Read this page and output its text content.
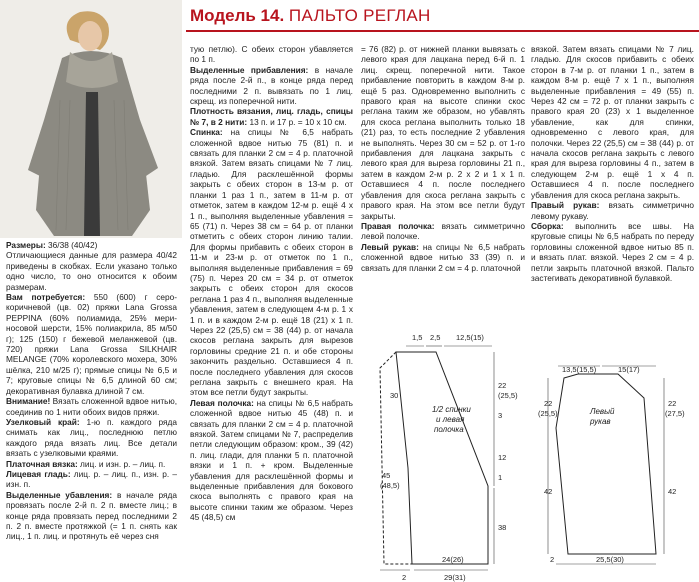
Модель 14. ПАЛЬТО РЕГЛАН

Размеры: 36/38 (40/42)

Отличающиеся данные для размера 40/42 приведены в скобках. Если указано только одно число, то оно относится к обоим размерам.

Вам потребуется: 550 (600) г серо-коричневой (цв. 02) пряжи Lana Grossa PEPPINA (60% полиамида, 25% мериносовой шерсти, 15% полиакрила, 85 м/50 г); 125 (150) г бежевой меланжевой (цв. 720) пряжи Lana Grossa SILKHAIR MELANGE (70% королевского мохера, 30% шёлка, 210 м/25 г); прямые спицы № 6,5 и 7; круговые спицы № 6,5 длиной 60 см; декоративная булавка длиной 7 см.

Внимание! Вязать сложенной вдвое нитью, соединив по 1 нити обоих видов пряжи.

Узелковый край: 1-ю п. каждого ряда снимать как лиц., последнюю петлю каждого ряда вязать лиц. Все детали вязать с узелковыми краями.

Платочная вязка: лиц. и изн. р. – лиц. п.

Лицевая гладь: лиц. р. – лиц. п., изн. р. – изн. п.

Выделенные убавления: в начале ряда провязать после 2-й п. 2 п. вместе лиц.; в конце ряда провязать перед последними 2 п. 2 п. вместе протяжкой (= 1 п. снять как лиц., 1 п. лиц. и протянуть её через сня

тую петлю). С обеих сторон убавляется по 1 п.

Выделенные прибавления: в начале ряда после 2-й п., в конце ряда перед последними 2 п. вывязать по 1 лиц. скрещ. из поперечной нити.

Плотность вязания, лиц. гладь, спицы № 7, в 2 нити: 13 п. и 17 р. = 10 х 10 см.

Спинка: на спицы № 6,5 набрать сложенной вдвое нитью 75 (81) п. и связать для планки 2 см = 4 р. платочной вязкой. Затем вязать спицами № 7 лиц. гладью. Для расклешённой формы закрыть с обеих сторон в 13-м р. от планки 1 раз 1 п., затем в 11-м р. от отметок, затем в каждом 12-м р. ещё 4 х 1 п., выполняя выделенные убавления = 65 (71) п. Через 38 см = 64 р. от планки отметить с обеих сторон линию талии. Для формы прибавить с обеих сторон в 11-м и 23-м р. от отметок по 1 п., выполняя выделенные прибавления = 69 (75) п. Через 20 см = 34 р. от отметок закрыть с обеих сторон для скосов реглана 1 раз 4 п., выполняя выделенные убавления, затем в следующем 4-м р. 1 х 1 п. и в каждом 2-м р. ещё 18 (21) х 1 п. Через 22 (25,5) см = 38 (44) р. от начала скосов реглана закрыть для вырезов горловины средние 21 п. и обе стороны закончить раздельно. Оставшиеся 4 п. после последнего убавления для скосов реглана закрыть с внешнего края. На этом все петли будут закрыты.

Левая полочка: на спицы № 6,5 набрать сложенной вдвое нитью 45 (48) п. и связать для планки 2 см = 4 р. платочной вязкой. Затем спицами № 7, распределив петли следующим образом: кром., 39 (42) п. лиц. глади, для планки 5 п. платочной вязки и 1 п. + кром. Выделенные убавления для расклешённой формы и выделенные прибавления для бокового скоса выполнять с правого края на высоте спинки таким же образом. Через 45 (48,5) см

= 76 (82) р. от нижней планки вывязать с левого края для лацкана перед 6-й п. 1 лиц. скрещ. поперечной нити. Такое прибавление повторить в каждом 8-м р. ещё 5 раз. Одновременно выполнить с правого края на высоте спинки скос реглана таким же образом, но убавлять для скоса реглана выполнить только 18 (21) раз, то есть последние 2 убавления не выполнять. Через 30 см = 52 р. от 1-го прибавления для лацкана закрыть с левого края для выреза горловины 21 п., затем в каждом 2-м р. 2 х 2 и 1 х 1 п. Оставшиеся 4 п. после последнего убавления для скоса реглана закрыть с правого края. На этом все петли будут закрыты.

Правая полочка: вязать симметрично левой полочке.

Левый рукав: на спицы № 6,5 набрать сложенной вдвое нитью 33 (39) п. и связать для планки 2 см = 4 р. платочной

вязкой. Затем вязать спицами № 7 лиц. гладью. Для скосов прибавить с обеих сторон в 7-м р. от планки 1 п., затем в каждом 8-м р. ещё 7 х 1 п., выполняя выделенные прибавления = 49 (55) п. Через 42 см = 72 р. от планки закрыть с правого края 20 (23) х 1 выделенное убавление, как для спинки, одновременно с левого края, для полочки. Через 22 (25,5) см = 38 (44) р. от начала скосов реглана закрыть с левого края для выреза горловины 4 п., затем в следующем 2-м р. ещё 1 х 4 п. Оставшиеся 4 п. после последнего убавления для скоса реглана закрыть.

Правый рукав: вязать симметрично левому рукаву.

Сборка: выполнить все швы. На круговые спицы № 6,5 набрать по переду горловины сложенной вдвое нитью 85 п. и вязать плат. вязкой. Через 2 см = 4 р. петли закрыть платочной вязкой. Пальто застегивать декоративной булавкой.

1,5 2,5 12,5(15)
30
22
(25,5)
3
45
(48,5)
12
1
38
1/2 спинки
и левая
полочка
2
24(26)
29(31)
13,5(15,5)	15(17)
22
(25,5)
22
(27,5)
42	42
Левый
рукав
2	25,5(30)
